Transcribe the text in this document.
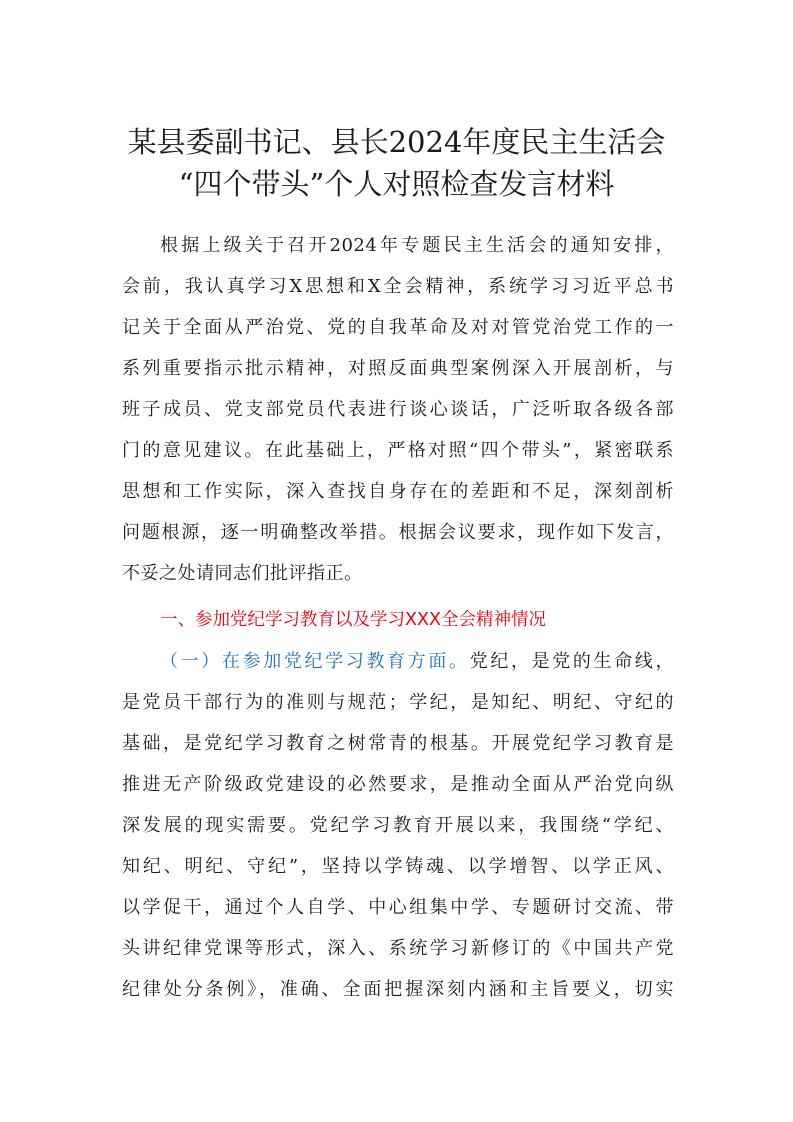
某县委副书记、县长2024年度民主生活会
“四个带头”个人对照检查发言材料
根据上级关于召开2024年专题民主生活会的通知安排，
会前，我认真学习X思想和X全会精神，系统学习习近平总书
记关于全面从严治党、党的自我革命及对对管党治党工作的一
系列重要指示批示精神，对照反面典型案例深入开展剖析，与
班子成员、党支部党员代表进行谈心谈话，广泛听取各级各部
门的意见建议。在此基础上，严格对照“四个带头”，紧密联系
思想和工作实际，深入查找自身存在的差距和不足，深刻剖析
问题根源，逐一明确整改举措。根据会议要求，现作如下发言，
不妥之处请同志们批评指正。
一、参加党纪学习教育以及学习XXX全会精神情况
（一）在参加党纪学习教育方面。党纪，是党的生命线，
是党员干部行为的准则与规范；学纪，是知纪、明纪、守纪的
基础，是党纪学习教育之树常青的根基。开展党纪学习教育是
推进无产阶级政党建设的必然要求，是推动全面从严治党向纵
深发展的现实需要。党纪学习教育开展以来，我围绕“学纪、
知纪、明纪、守纪”，坚持以学铸魂、以学增智、以学正风、
以学促干，通过个人自学、中心组集中学、专题研讨交流、带
头讲纪律党课等形式，深入、系统学习新修订的《中国共产党
纪律处分条例》，准确、全面把握深刻内涵和主旨要义，切实
